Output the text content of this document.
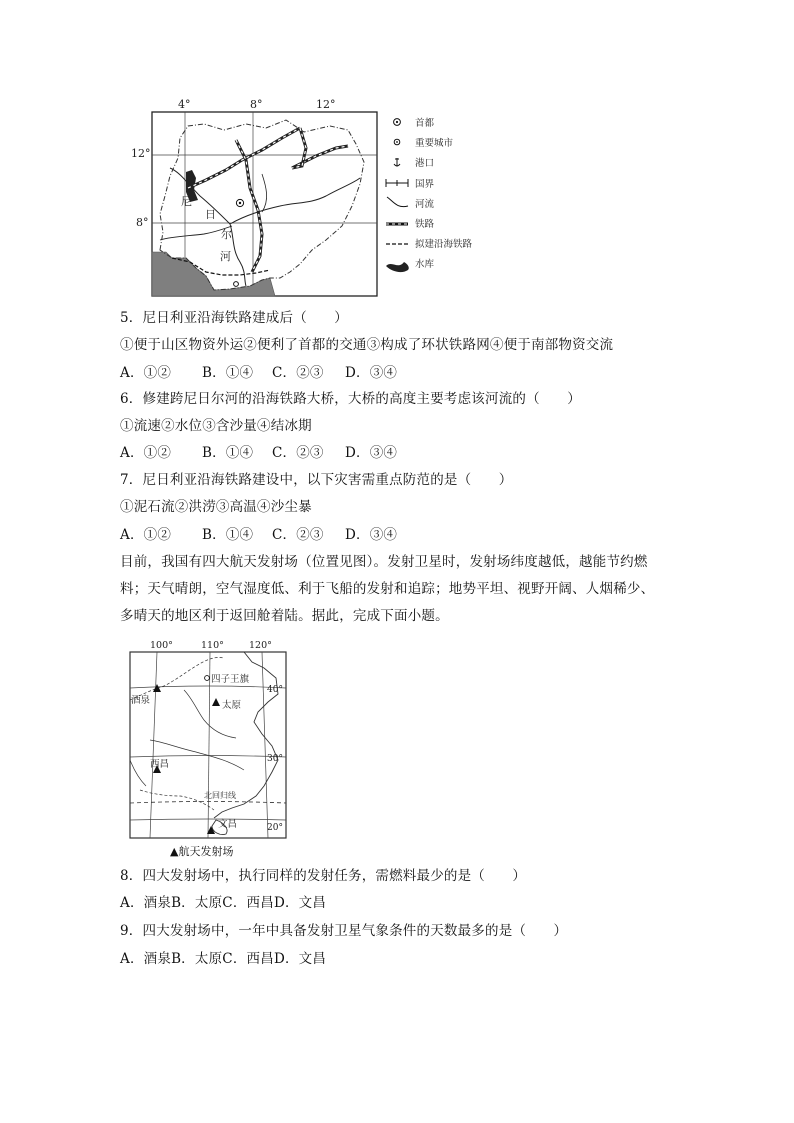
4°	8°	12°
12°
8°
尼
日
尔
河
首都
重要城市
港口
国界
河流
铁路
拟建沿海铁路
水库
5．尼日利亚沿海铁路建成后（　　）
①便于山区物资外运②便利了首都的交通③构成了环状铁路网④便于南部物资交流
A．①② B．①④ C．②③ D．③④
6．修建跨尼日尔河的沿海铁路大桥，大桥的高度主要考虑该河流的（　　）
①流速②水位③含沙量④结冰期
A．①② B．①④ C．②③ D．③④
7．尼日利亚沿海铁路建设中，以下灾害需重点防范的是（　　）
①泥石流②洪涝③高温④沙尘暴
A．①② B．①④ C．②③ D．③④
目前，我国有四大航天发射场（位置见图）。发射卫星时，发射场纬度越低，越能节约燃
料；天气晴朗，空气湿度低、利于飞船的发射和追踪；地势平坦、视野开阔、人烟稀少、
多晴天的地区利于返回舱着陆。据此，完成下面小题。
100°	110°	120°
40°
30°
20°
四子王旗
酒泉	太原
西昌
文昌
北回归线
▲航天发射场
8．四大发射场中，执行同样的发射任务，需燃料最少的是（　　）
A．酒泉B．太原C．西昌D．文昌
9．四大发射场中，一年中具备发射卫星气象条件的天数最多的是（　　）
A．酒泉B．太原C．西昌D．文昌
